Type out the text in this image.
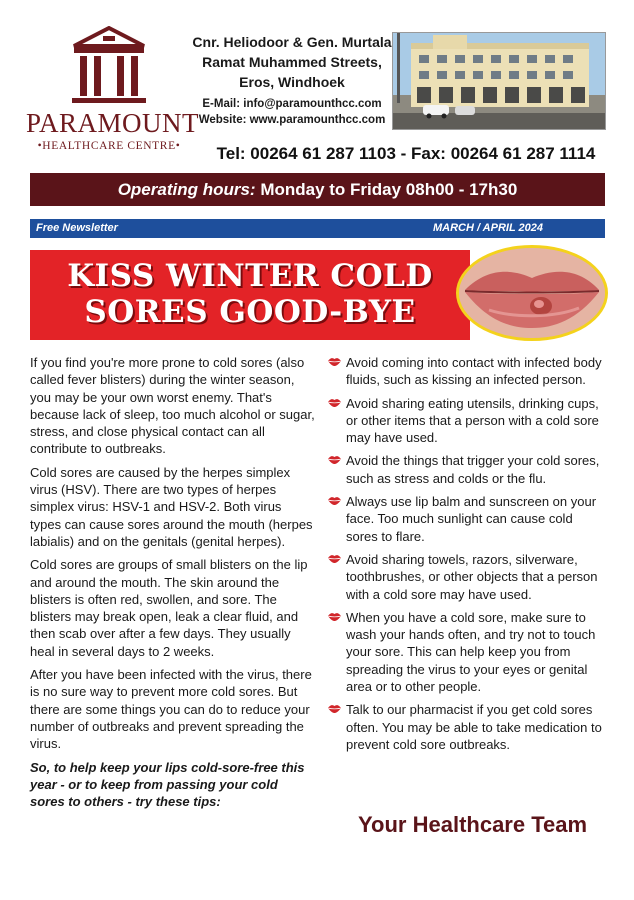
PARAMOUNT
•HEALTHCARE CENTRE•
Cnr. Heliodoor & Gen. Murtala
Ramat Muhammed Streets,
Eros, Windhoek
E-Mail: info@paramounthcc.com
Website: www.paramounthcc.com
Tel: 00264 61 287 1103 - Fax: 00264 61 287 1114
Operating hours: Monday to Friday 08h00 - 17h30
Free Newsletter	MARCH / APRIL 2024
KISS WINTER COLD
SORES GOOD-BYE

If you find you're more prone to cold sores (also called fever blisters) during the winter season, you may be your own worst enemy. That's because lack of sleep, too much alcohol or sugar, stress, and close physical contact can all contribute to outbreaks.

Cold sores are caused by the herpes simplex virus (HSV). There are two types of herpes simplex virus: HSV-1 and HSV-2. Both virus types can cause sores around the mouth (herpes labialis) and on the genitals (genital herpes).

Cold sores are groups of small blisters on the lip and around the mouth. The skin around the blisters is often red, swollen, and sore. The blisters may break open, leak a clear fluid, and then scab over after a few days. They usually heal in several days to 2 weeks.

After you have been infected with the virus, there is no sure way to prevent more cold sores. But there are some things you can do to reduce your number of outbreaks and prevent spreading the virus.

So, to help keep your lips cold-sore-free this year - or to keep from passing your cold sores to others - try these tips:

Avoid coming into contact with infected body fluids, such as kissing an infected person.
Avoid sharing eating utensils, drinking cups, or other items that a person with a cold sore may have used.
Avoid the things that trigger your cold sores, such as stress and colds or the flu.
Always use lip balm and sunscreen on your face. Too much sunlight can cause cold sores to flare.
Avoid sharing towels, razors, silverware, toothbrushes, or other objects that a person with a cold sore may have used.
When you have a cold sore, make sure to wash your hands often, and try not to touch your sore. This can help keep you from spreading the virus to your eyes or genital area or to other people.
Talk to our pharmacist if you get cold sores often. You may be able to take medication to prevent cold sore outbreaks.
Your Healthcare Team
